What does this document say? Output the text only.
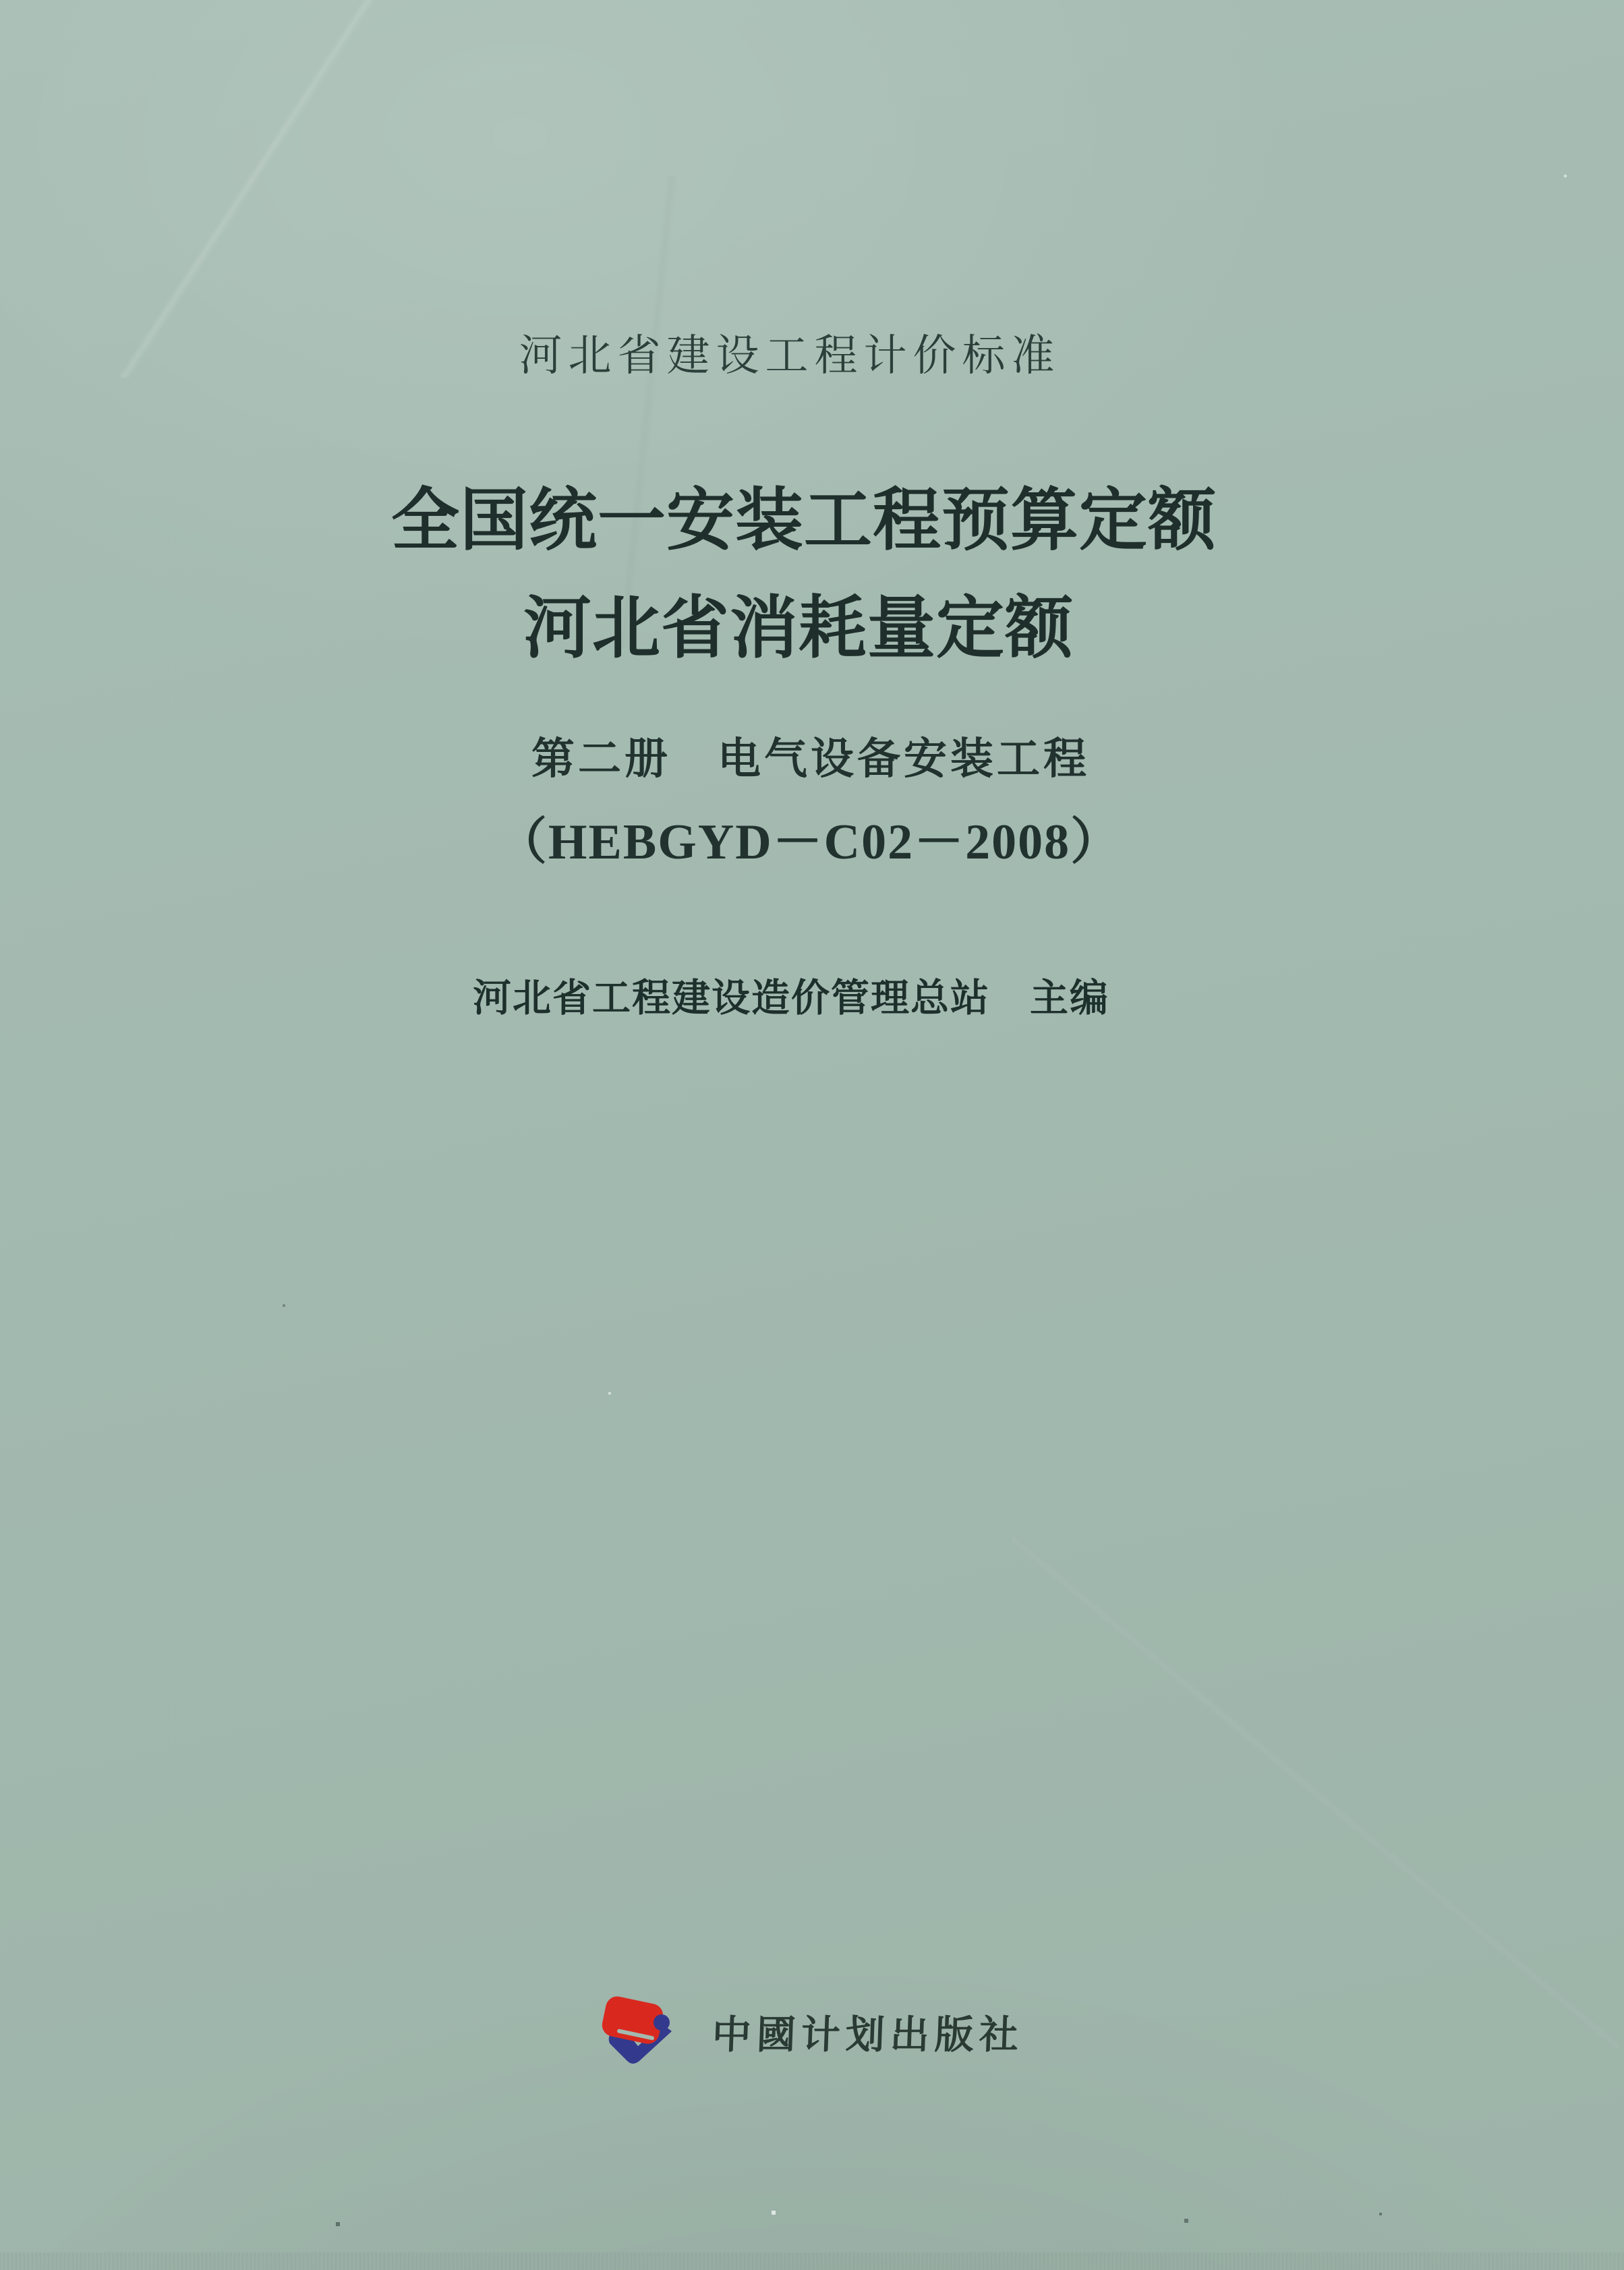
河北省建设工程计价标准
全国统一安装工程预算定额
河北省消耗量定额
第二册　电气设备安装工程
（HEBGYD－C02－2008）
河北省工程建设造价管理总站　主编
中國计划出版社
